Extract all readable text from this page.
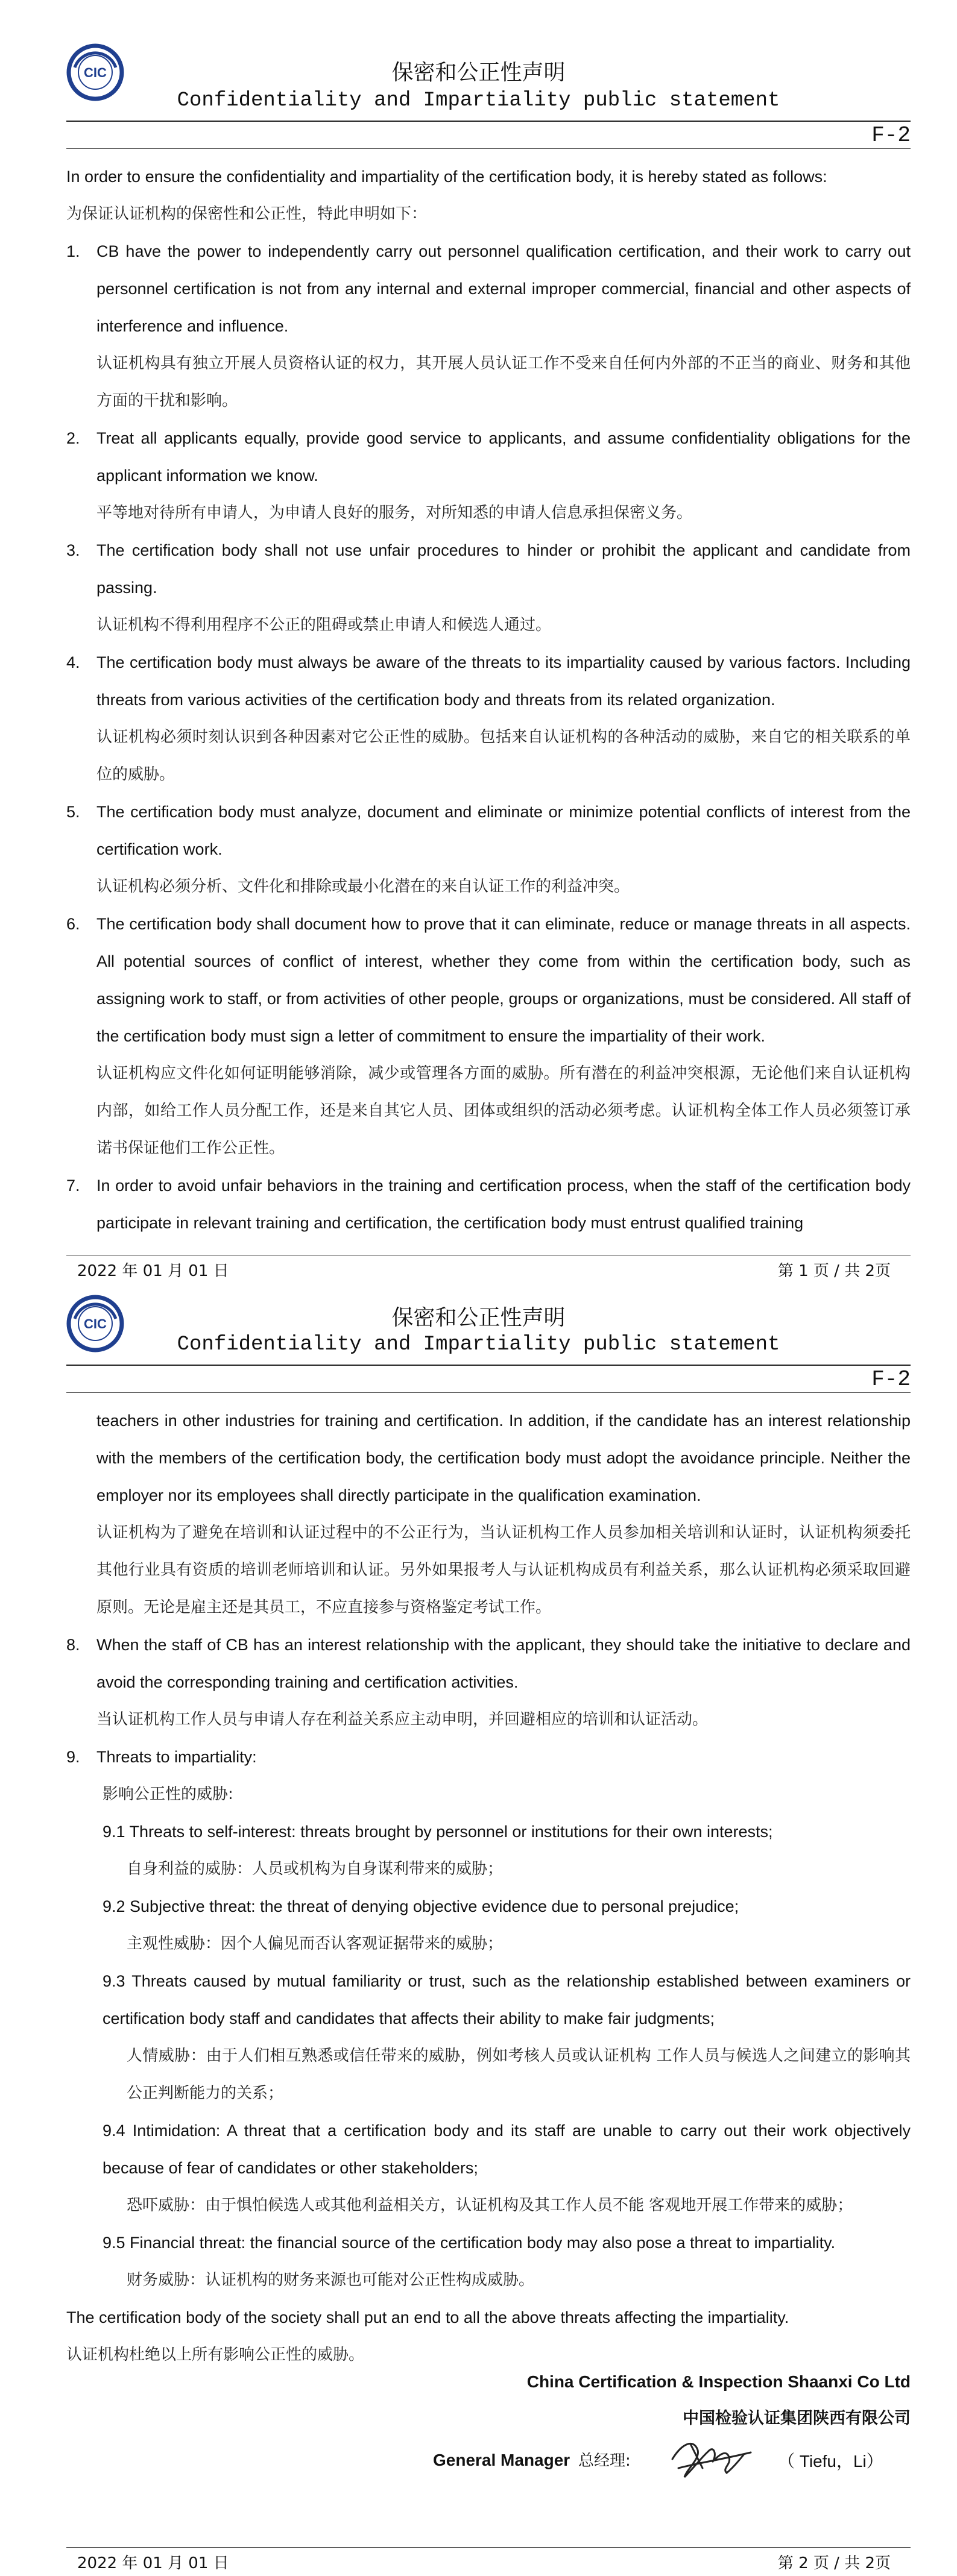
CIC	保密和公正性声明
Confidentiality and Impartiality public statement
F-2

In order to ensure the confidentiality and impartiality of the certification body, it is hereby stated as follows:

为保证认证机构的保密性和公正性，特此申明如下：

1. CB have the power to independently carry out personnel qualification certification, and their work to carry out personnel certification is not from any internal and external improper commercial, financial and other aspects of interference and influence.

认证机构具有独立开展人员资格认证的权力，其开展人员认证工作不受来自任何内外部的不正当的商业、财务和其他方面的干扰和影响。

2. Treat all applicants equally, provide good service to applicants, and assume confidentiality obligations for the applicant information we know.

平等地对待所有申请人，为申请人良好的服务，对所知悉的申请人信息承担保密义务。

3. The certification body shall not use unfair procedures to hinder or prohibit the applicant and candidate from passing.

认证机构不得利用程序不公正的阻碍或禁止申请人和候选人通过。

4. The certification body must always be aware of the threats to its impartiality caused by various factors. Including threats from various activities of the certification body and threats from its related organization.

认证机构必须时刻认识到各种因素对它公正性的威胁。包括来自认证机构的各种活动的威胁，来自它的相关联系的单位的威胁。

5. The certification body must analyze, document and eliminate or minimize potential conflicts of interest from the certification work.

认证机构必须分析、文件化和排除或最小化潜在的来自认证工作的利益冲突。

6. The certification body shall document how to prove that it can eliminate, reduce or manage threats in all aspects. All potential sources of conflict of interest, whether they come from within the certification body, such as assigning work to staff, or from activities of other people, groups or organizations, must be considered. All staff of the certification body must sign a letter of commitment to ensure the impartiality of their work.

认证机构应文件化如何证明能够消除，减少或管理各方面的威胁。所有潜在的利益冲突根源，无论他们来自认证机构内部，如给工作人员分配工作，还是来自其它人员、团体或组织的活动必须考虑。认证机构全体工作人员必须签订承诺书保证他们工作公正性。

7. In order to avoid unfair behaviors in the training and certification process, when the staff of the certification body participate in relevant training and certification, the certification body must entrust qualified training

2022 年 01 月 01 日	第 1 页 / 共 2页
CIC	保密和公正性声明
Confidentiality and Impartiality public statement
F-2

teachers in other industries for training and certification. In addition, if the candidate has an interest relationship with the members of the certification body, the certification body must adopt the avoidance principle. Neither the employer nor its employees shall directly participate in the qualification examination.

认证机构为了避免在培训和认证过程中的不公正行为，当认证机构工作人员参加相关培训和认证时，认证机构须委托其他行业具有资质的培训老师培训和认证。另外如果报考人与认证机构成员有利益关系，那么认证机构必须采取回避原则。无论是雇主还是其员工，不应直接参与资格鉴定考试工作。

8. When the staff of CB has an interest relationship with the applicant, they should take the initiative to declare and avoid the corresponding training and certification activities.

当认证机构工作人员与申请人存在利益关系应主动申明，并回避相应的培训和认证活动。

9. Threats to impartiality:

影响公正性的威胁:

9.1 Threats to self-interest: threats brought by personnel or institutions for their own interests;

自身利益的威胁：人员或机构为自身谋利带来的威胁；

9.2 Subjective threat: the threat of denying objective evidence due to personal prejudice;

主观性威胁：因个人偏见而否认客观证据带来的威胁；

9.3 Threats caused by mutual familiarity or trust, such as the relationship established between examiners or certification body staff and candidates that affects their ability to make fair judgments;

人情威胁：由于人们相互熟悉或信任带来的威胁，例如考核人员或认证机构 工作人员与候选人之间建立的影响其公正判断能力的关系；

9.4 Intimidation: A threat that a certification body and its staff are unable to carry out their work objectively because of fear of candidates or other stakeholders;

恐吓威胁：由于惧怕候选人或其他利益相关方，认证机构及其工作人员不能 客观地开展工作带来的威胁；

9.5 Financial threat: the financial source of the certification body may also pose a threat to impartiality.

财务威胁：认证机构的财务来源也可能对公正性构成威胁。

The certification body of the society shall put an end to all the above threats affecting the impartiality.

认证机构杜绝以上所有影响公正性的威胁。

China Certification & Inspection Shaanxi Co Ltd
中国检验认证集团陕西有限公司
General Manager 总经理:	（ Tiefu，Li）
2022 年 01 月 01 日	第 2 页 / 共 2页
